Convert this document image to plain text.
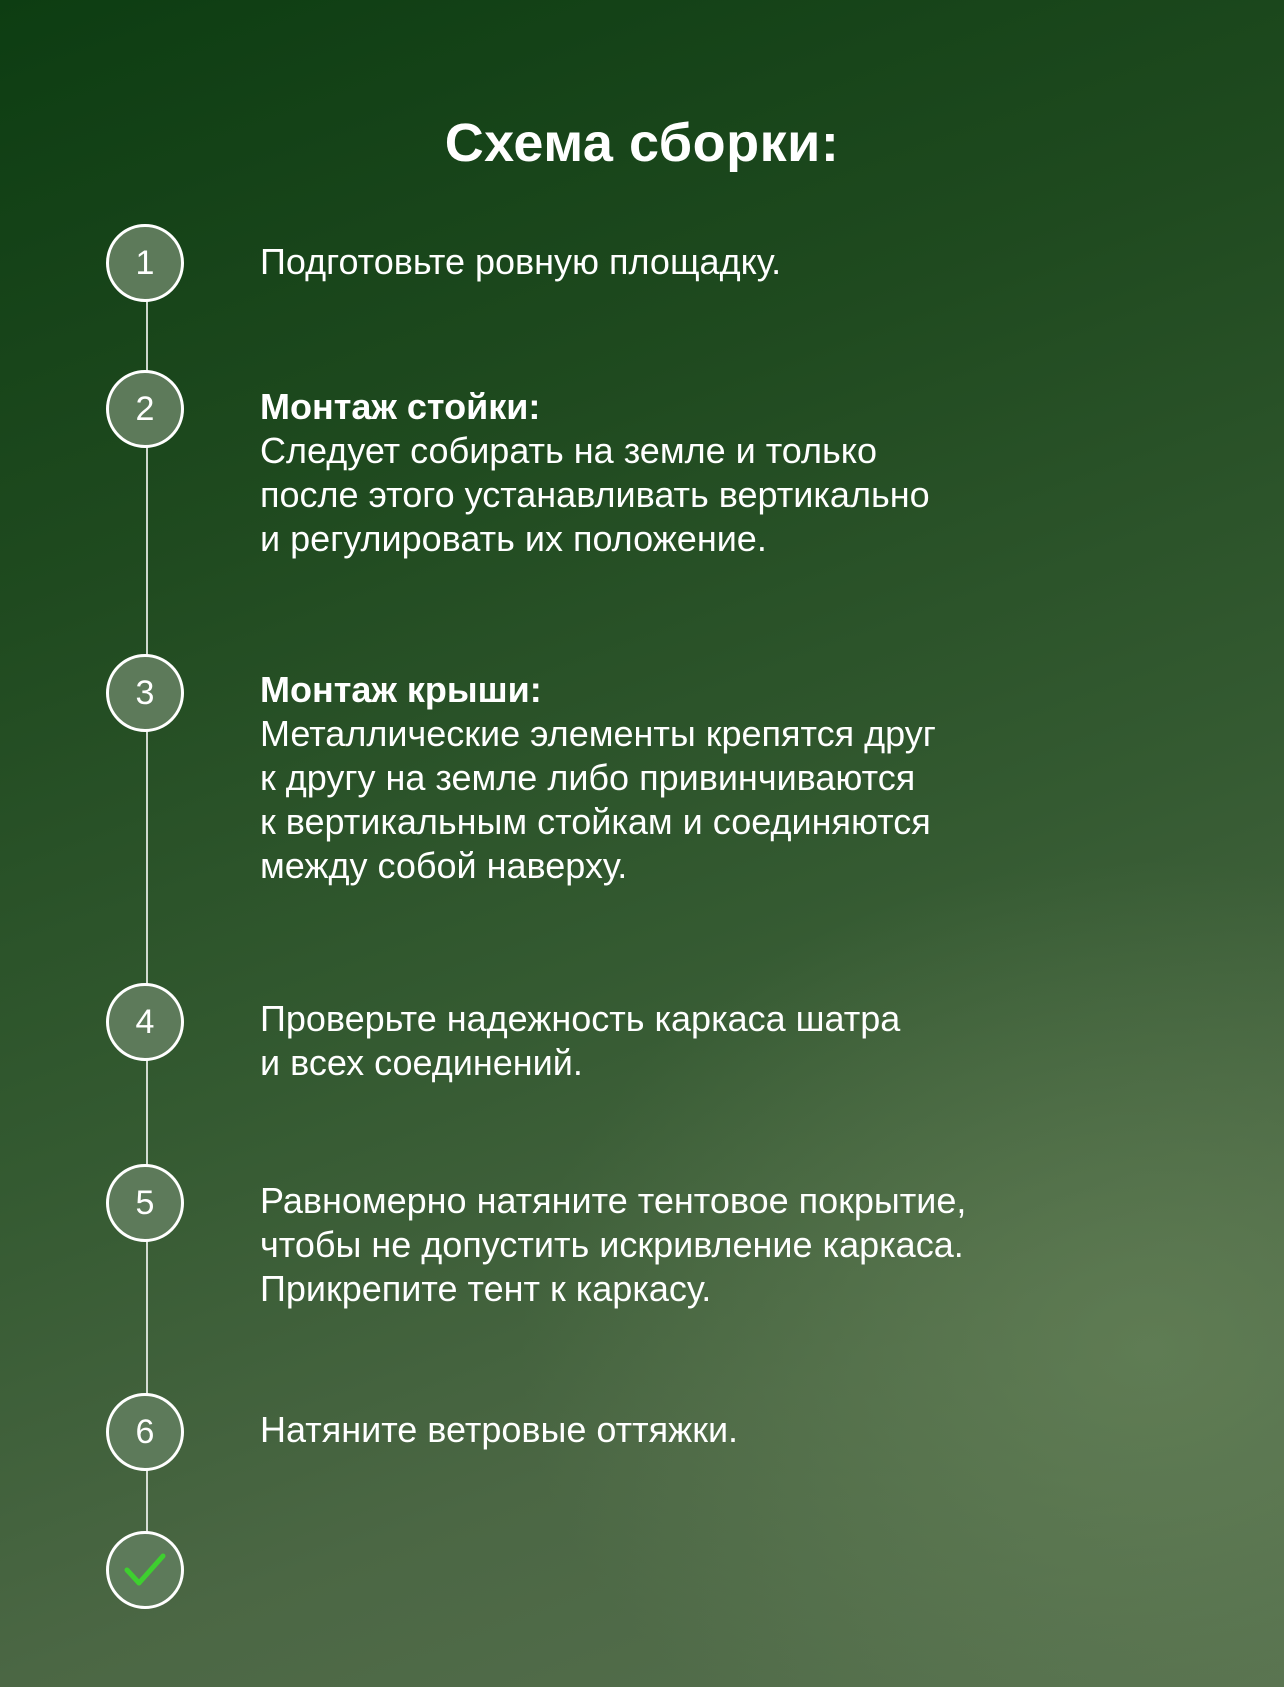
Схема сборки:
1	Подготовьте ровную площадку.
2	Монтаж стойки:
Следует собирать на земле и только
после этого устанавливать вертикально
и регулировать их положение.
3	Монтаж крыши:
Металлические элементы крепятся друг
к другу на земле либо привинчиваются
к вертикальным стойкам и соединяются
между собой наверху.
4	Проверьте надежность каркаса шатра
и всех соединений.
5	Равномерно натяните тентовое покрытие,
чтобы не допустить искривление каркаса.
Прикрепите тент к каркасу.
6	Натяните ветровые оттяжки.
